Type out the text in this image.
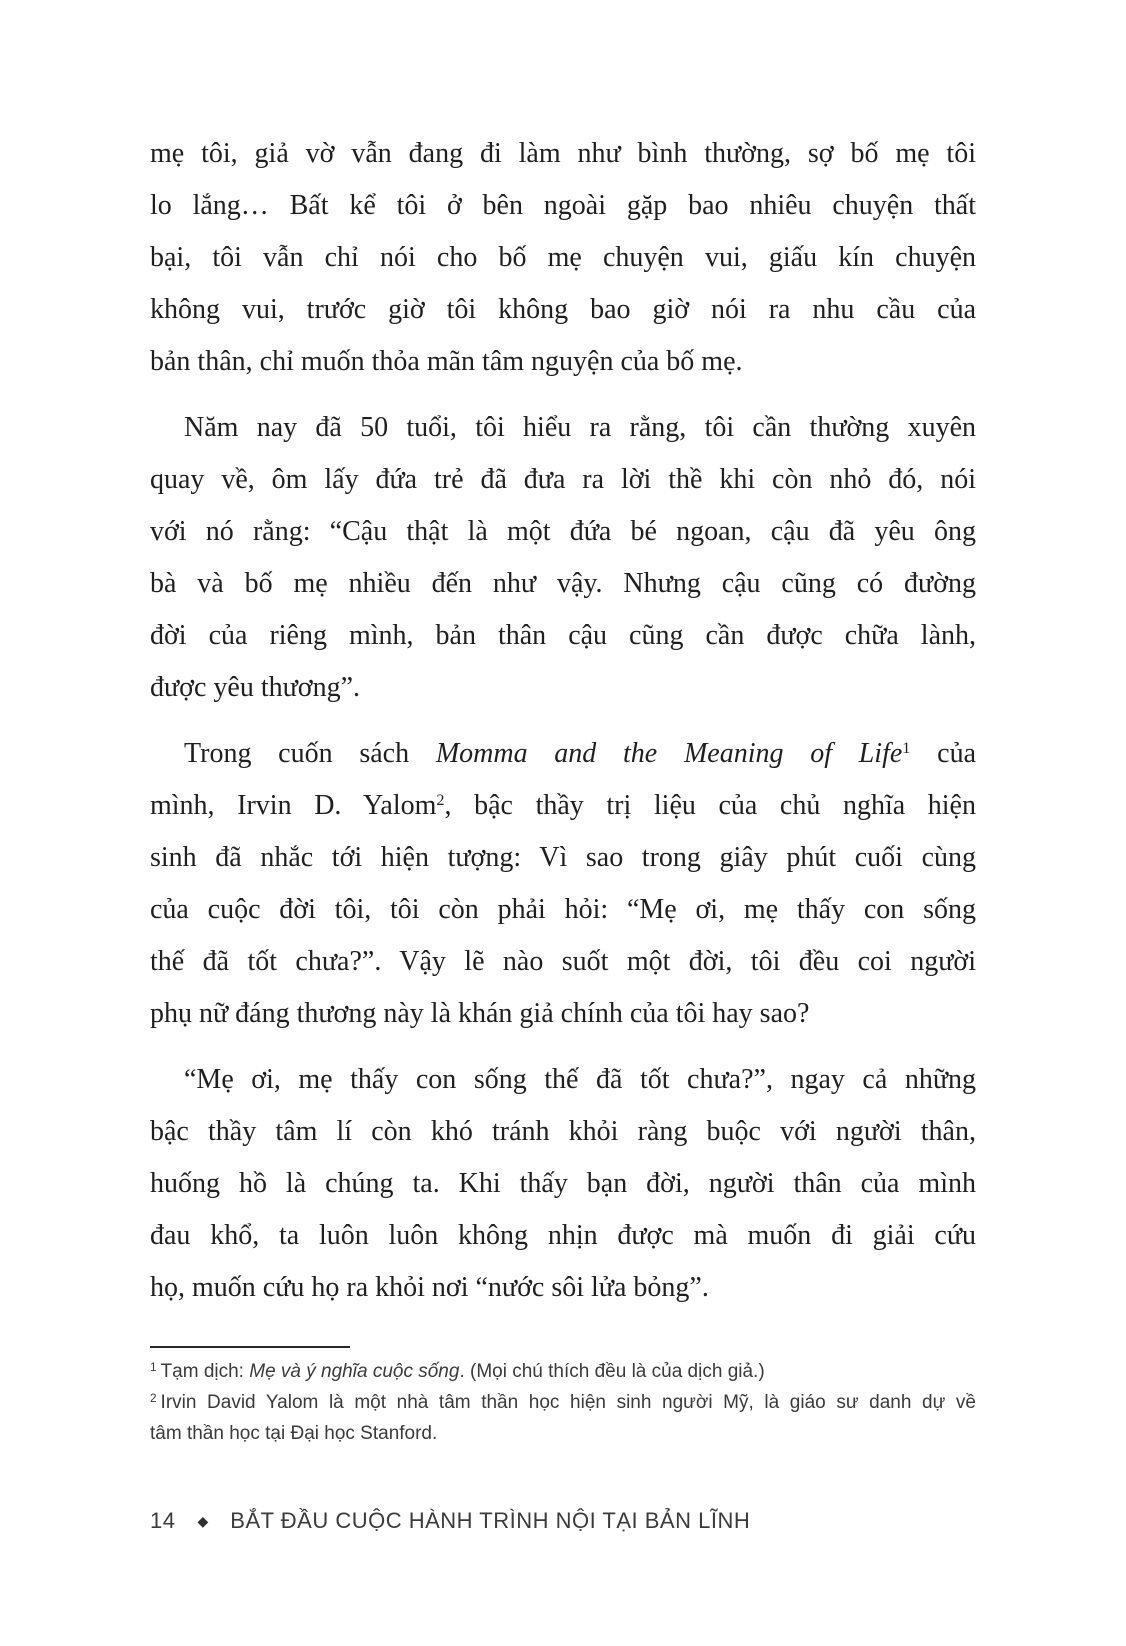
mẹ tôi, giả vờ vẫn đang đi làm như bình thường, sợ bố mẹ tôi
lo lắng… Bất kể tôi ở bên ngoài gặp bao nhiêu chuyện thất
bại, tôi vẫn chỉ nói cho bố mẹ chuyện vui, giấu kín chuyện
không vui, trước giờ tôi không bao giờ nói ra nhu cầu của
bản thân, chỉ muốn thỏa mãn tâm nguyện của bố mẹ.
Năm nay đã 50 tuổi, tôi hiểu ra rằng, tôi cần thường xuyên
quay về, ôm lấy đứa trẻ đã đưa ra lời thề khi còn nhỏ đó, nói
với nó rằng: “Cậu thật là một đứa bé ngoan, cậu đã yêu ông
bà và bố mẹ nhiều đến như vậy. Nhưng cậu cũng có đường
đời của riêng mình, bản thân cậu cũng cần được chữa lành,
được yêu thương”.
Trong cuốn sách Momma and the Meaning of Life$^1$ của
mình, Irvin D. Yalom$^2$, bậc thầy trị liệu của chủ nghĩa hiện
sinh đã nhắc tới hiện tượng: Vì sao trong giây phút cuối cùng
của cuộc đời tôi, tôi còn phải hỏi: “Mẹ ơi, mẹ thấy con sống
thế đã tốt chưa?”. Vậy lẽ nào suốt một đời, tôi đều coi người
phụ nữ đáng thương này là khán giả chính của tôi hay sao?
“Mẹ ơi, mẹ thấy con sống thế đã tốt chưa?”, ngay cả những
bậc thầy tâm lí còn khó tránh khỏi ràng buộc với người thân,
huống hồ là chúng ta. Khi thấy bạn đời, người thân của mình
đau khổ, ta luôn luôn không nhịn được mà muốn đi giải cứu
họ, muốn cứu họ ra khỏi nơi “nước sôi lửa bỏng”.
$^1$ Tạm dịch: Mẹ và ý nghĩa cuộc sống. (Mọi chú thích đều là của dịch giả.)
$^2$ Irvin David Yalom là một nhà tâm thần học hiện sinh người Mỹ, là giáo sư danh dự về
tâm thần học tại Đại học Stanford.
14 ◆ BẮT ĐẦU CUỘC HÀNH TRÌNH NỘI TẠI BẢN LĨNH
